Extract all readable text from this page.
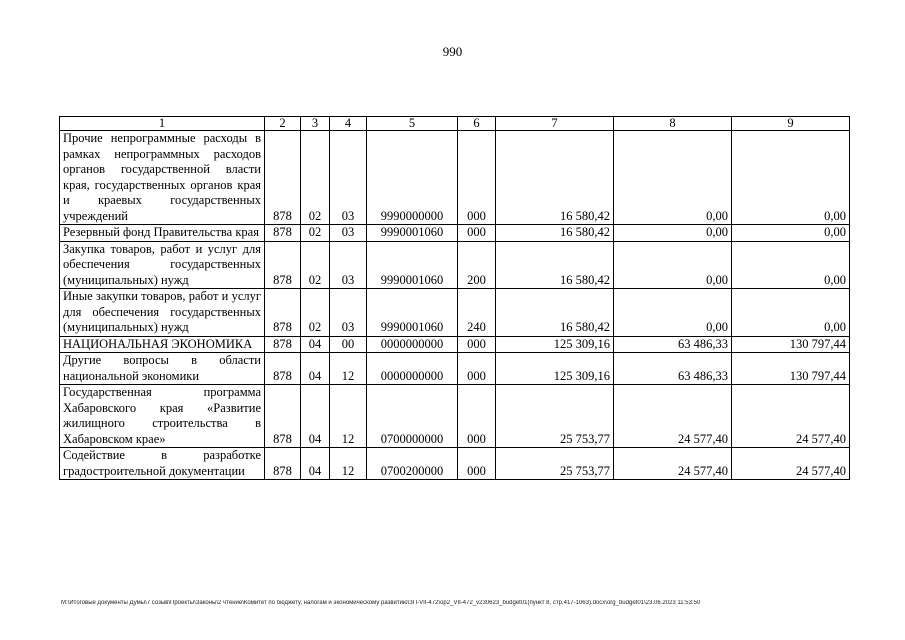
990
1	2	3	4	5	6	7	8	9
Прочие непрограммные расходы в рамках непрограммных расходов органов государственной власти края, государственных органов края и краевых государственных учреждений	878	02	03	9990000000	000	16 580,42	0,00	0,00
Резервный фонд Правительства края	878	02	03	9990001060	000	16 580,42	0,00	0,00
Закупка товаров, работ и услуг для обеспечения государственных (муниципальных) нужд	878	02	03	9990001060	200	16 580,42	0,00	0,00
Иные закупки товаров, работ и услуг для обеспечения государственных (муниципальных) нужд	878	02	03	9990001060	240	16 580,42	0,00	0,00
НАЦИОНАЛЬНАЯ ЭКОНОМИКА	878	04	00	0000000000	000	125 309,16	63 486,33	130 797,44
Другие вопросы в области национальной экономики	878	04	12	0000000000	000	125 309,16	63 486,33	130 797,44
Государственная программа Хабаровского края «Развитие жилищного строительства в Хабаровском крае»	878	04	12	0700000000	000	25 753,77	24 577,40	24 577,40
Содействие в разработке градостроительной документации	878	04	12	0700200000	000	25 753,77	24 577,40	24 577,40
M:\Итоговые документы Думы\7 созыв\Проекты\Законы\2 чтение\Комитет по бюджету, налогам и экономическому развитию\ЗП-VII-472\ор2_VII-472_v230623_budget01(пункт 8, стр.417-1063).docx\org_budget01\23.06.2023 11:53:50
